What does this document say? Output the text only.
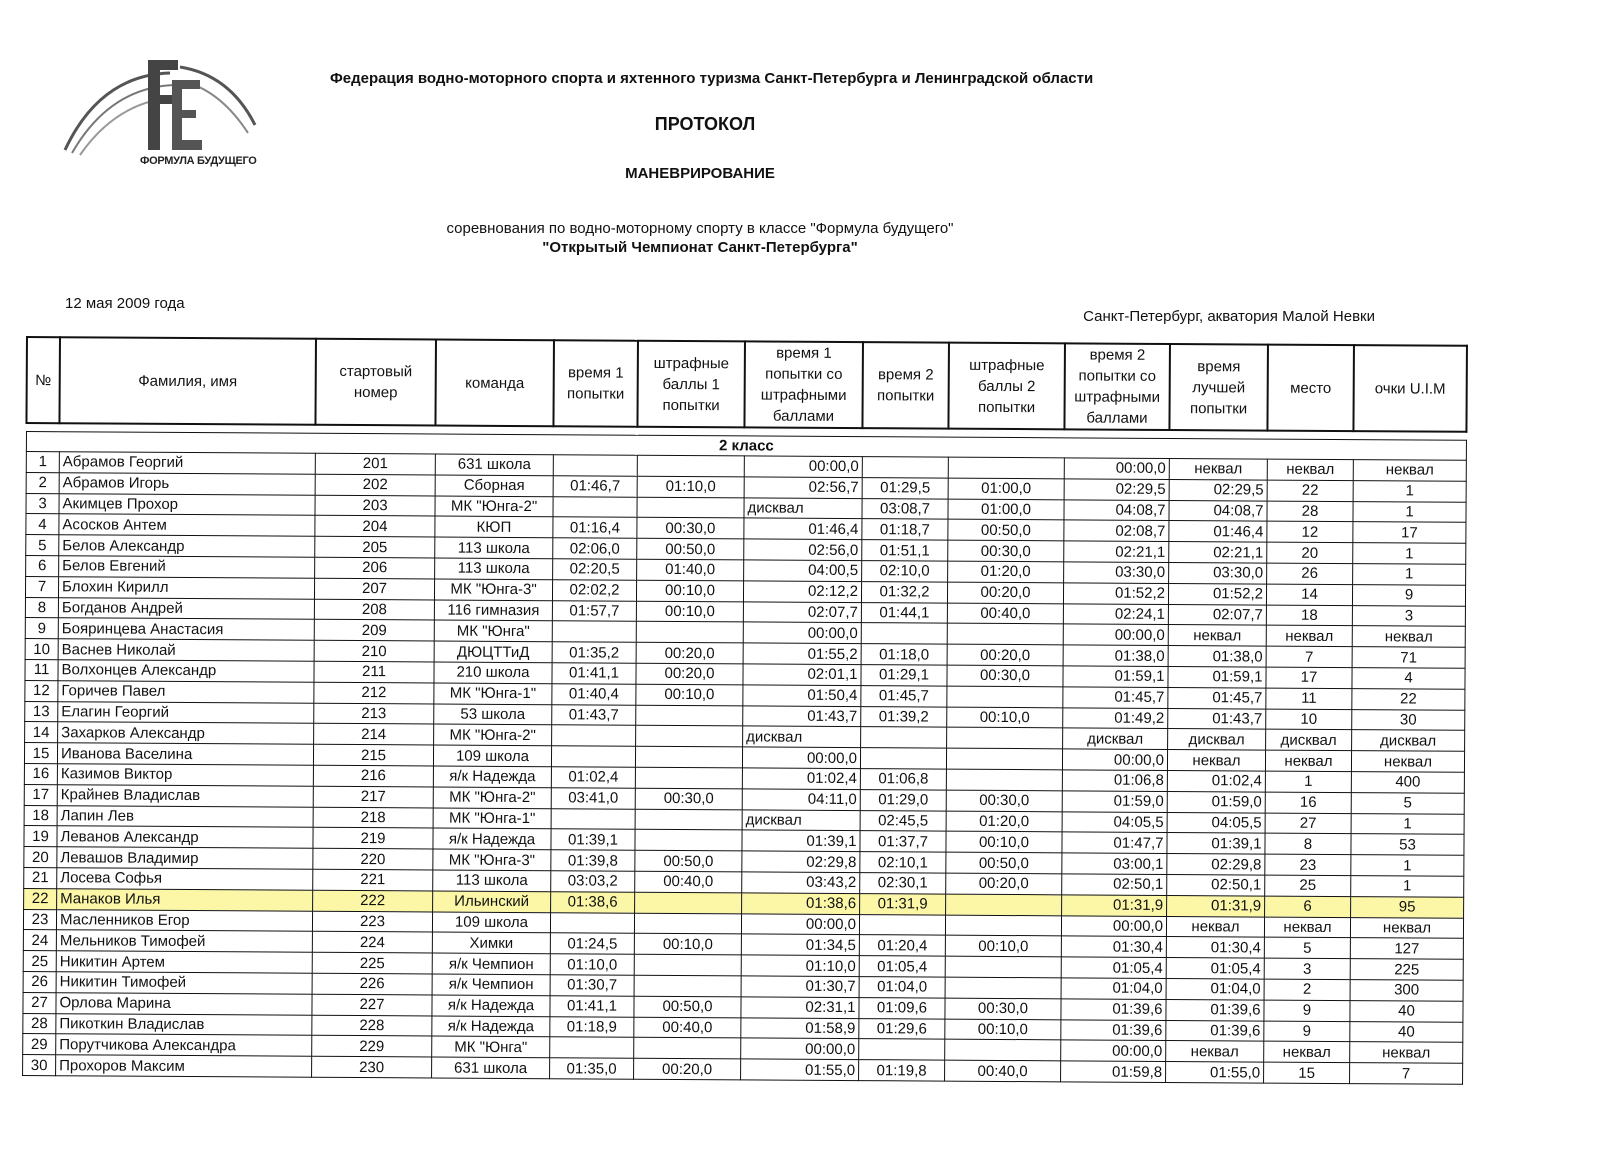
ФОРМУЛА БУДУЩЕГО
Федерация водно-моторного спорта и яхтенного туризма Санкт-Петербурга и Ленинградской области
ПРОТОКОЛ
МАНЕВРИРОВАНИЕ
соревнования по водно-моторному спорту в классе "Формула будущего"
"Открытый Чемпионат Санкт-Петербурга"
12 мая 2009 года
Санкт-Петербург, акватория Малой Невки
№	Фамилия, имя	стартовый номер	команда	время 1 попытки	штрафные баллы 1 попытки	время 1 попытки со штрафными баллами	время 2 попытки	штрафные баллы 2 попытки	время 2 попытки со штрафными баллами	время лучшей попытки	место	очки U.I.M
2 класс												
1	Абрамов Георгий	201	631 школа			00:00,0			00:00,0	неквал	неквал	неквал
2	Абрамов Игорь	202	Сборная	01:46,7	01:10,0	02:56,7	01:29,5	01:00,0	02:29,5	02:29,5	22	1
3	Акимцев Прохор	203	МК "Юнга-2"			дисквал	03:08,7	01:00,0	04:08,7	04:08,7	28	1
4	Асосков Антем	204	КЮП	01:16,4	00:30,0	01:46,4	01:18,7	00:50,0	02:08,7	01:46,4	12	17
5	Белов Александр	205	113 школа	02:06,0	00:50,0	02:56,0	01:51,1	00:30,0	02:21,1	02:21,1	20	1
6	Белов Евгений	206	113 школа	02:20,5	01:40,0	04:00,5	02:10,0	01:20,0	03:30,0	03:30,0	26	1
7	Блохин Кирилл	207	МК "Юнга-3"	02:02,2	00:10,0	02:12,2	01:32,2	00:20,0	01:52,2	01:52,2	14	9
8	Богданов Андрей	208	116 гимназия	01:57,7	00:10,0	02:07,7	01:44,1	00:40,0	02:24,1	02:07,7	18	3
9	Бояринцева Анастасия	209	МК "Юнга"			00:00,0			00:00,0	неквал	неквал	неквал
10	Васнев Николай	210	ДЮЦТТиД	01:35,2	00:20,0	01:55,2	01:18,0	00:20,0	01:38,0	01:38,0	7	71
11	Волхонцев Александр	211	210 школа	01:41,1	00:20,0	02:01,1	01:29,1	00:30,0	01:59,1	01:59,1	17	4
12	Горичев Павел	212	МК "Юнга-1"	01:40,4	00:10,0	01:50,4	01:45,7		01:45,7	01:45,7	11	22
13	Елагин Георгий	213	53 школа	01:43,7		01:43,7	01:39,2	00:10,0	01:49,2	01:43,7	10	30
14	Захарков Александр	214	МК "Юнга-2"			дисквал			дисквал	дисквал	дисквал	дисквал
15	Иванова Васелина	215	109 школа			00:00,0			00:00,0	неквал	неквал	неквал
16	Казимов Виктор	216	я/к Надежда	01:02,4		01:02,4	01:06,8		01:06,8	01:02,4	1	400
17	Крайнев Владислав	217	МК "Юнга-2"	03:41,0	00:30,0	04:11,0	01:29,0	00:30,0	01:59,0	01:59,0	16	5
18	Лапин Лев	218	МК "Юнга-1"			дисквал	02:45,5	01:20,0	04:05,5	04:05,5	27	1
19	Леванов Александр	219	я/к Надежда	01:39,1		01:39,1	01:37,7	00:10,0	01:47,7	01:39,1	8	53
20	Левашов Владимир	220	МК "Юнга-3"	01:39,8	00:50,0	02:29,8	02:10,1	00:50,0	03:00,1	02:29,8	23	1
21	Лосева Софья	221	113 школа	03:03,2	00:40,0	03:43,2	02:30,1	00:20,0	02:50,1	02:50,1	25	1
22	Манаков Илья	222	Ильинский	01:38,6		01:38,6	01:31,9		01:31,9	01:31,9	6	95
23	Масленников Егор	223	109 школа			00:00,0			00:00,0	неквал	неквал	неквал
24	Мельников Тимофей	224	Химки	01:24,5	00:10,0	01:34,5	01:20,4	00:10,0	01:30,4	01:30,4	5	127
25	Никитин Артем	225	я/к Чемпион	01:10,0		01:10,0	01:05,4		01:05,4	01:05,4	3	225
26	Никитин Тимофей	226	я/к Чемпион	01:30,7		01:30,7	01:04,0		01:04,0	01:04,0	2	300
27	Орлова Марина	227	я/к Надежда	01:41,1	00:50,0	02:31,1	01:09,6	00:30,0	01:39,6	01:39,6	9	40
28	Пикоткин Владислав	228	я/к Надежда	01:18,9	00:40,0	01:58,9	01:29,6	00:10,0	01:39,6	01:39,6	9	40
29	Порутчикова Александра	229	МК "Юнга"			00:00,0			00:00,0	неквал	неквал	неквал
30	Прохоров Максим	230	631 школа	01:35,0	00:20,0	01:55,0	01:19,8	00:40,0	01:59,8	01:55,0	15	7
